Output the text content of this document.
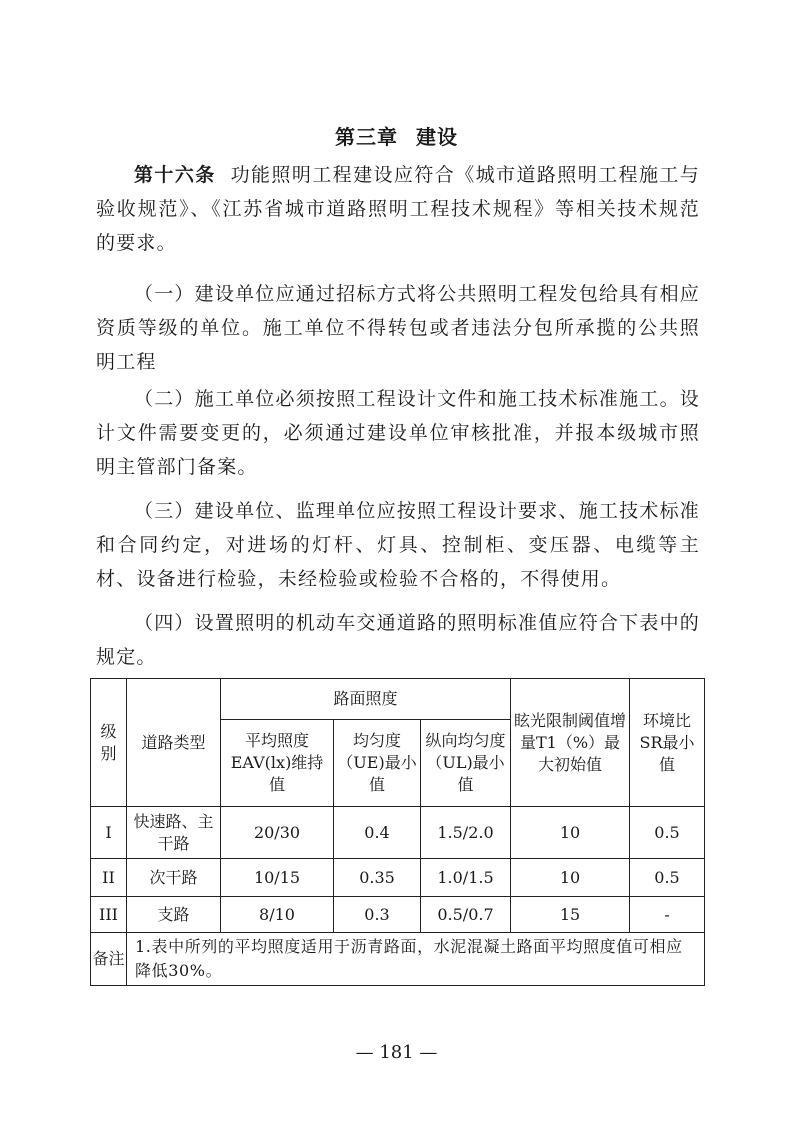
第三章 建设

第十六条 功能照明工程建设应符合《城市道路照明工程施工与验收规范》、《江苏省城市道路照明工程技术规程》等相关技术规范的要求。

（一）建设单位应通过招标方式将公共照明工程发包给具有相应资质等级的单位。施工单位不得转包或者违法分包所承揽的公共照明工程

（二）施工单位必须按照工程设计文件和施工技术标准施工。设计文件需要变更的，必须通过建设单位审核批准，并报本级城市照明主管部门备案。

（三）建设单位、监理单位应按照工程设计要求、施工技术标准和合同约定，对进场的灯杆、灯具、控制柜、变压器、电缆等主材、设备进行检验，未经检验或检验不合格的，不得使用。

（四）设置照明的机动车交通道路的照明标准值应符合下表中的规定。

级别	道路类型	路面照度			眩光限制阈值增量T1（%）最大初始值	环境比SR最小值
		平均照度EAV(lx)维持值	均匀度（UE)最小值	纵向均匀度（UL)最小值		
I	快速路、主干路	20/30	0.4	1.5/2.0	10	0.5
II	次干路	10/15	0.35	1.0/1.5	10	0.5
III	支路	8/10	0.3	0.5/0.7	15	-
备注	1.表中所列的平均照度适用于沥青路面，水泥混凝土路面平均照度值可相应降低30%。					
— 181 —
